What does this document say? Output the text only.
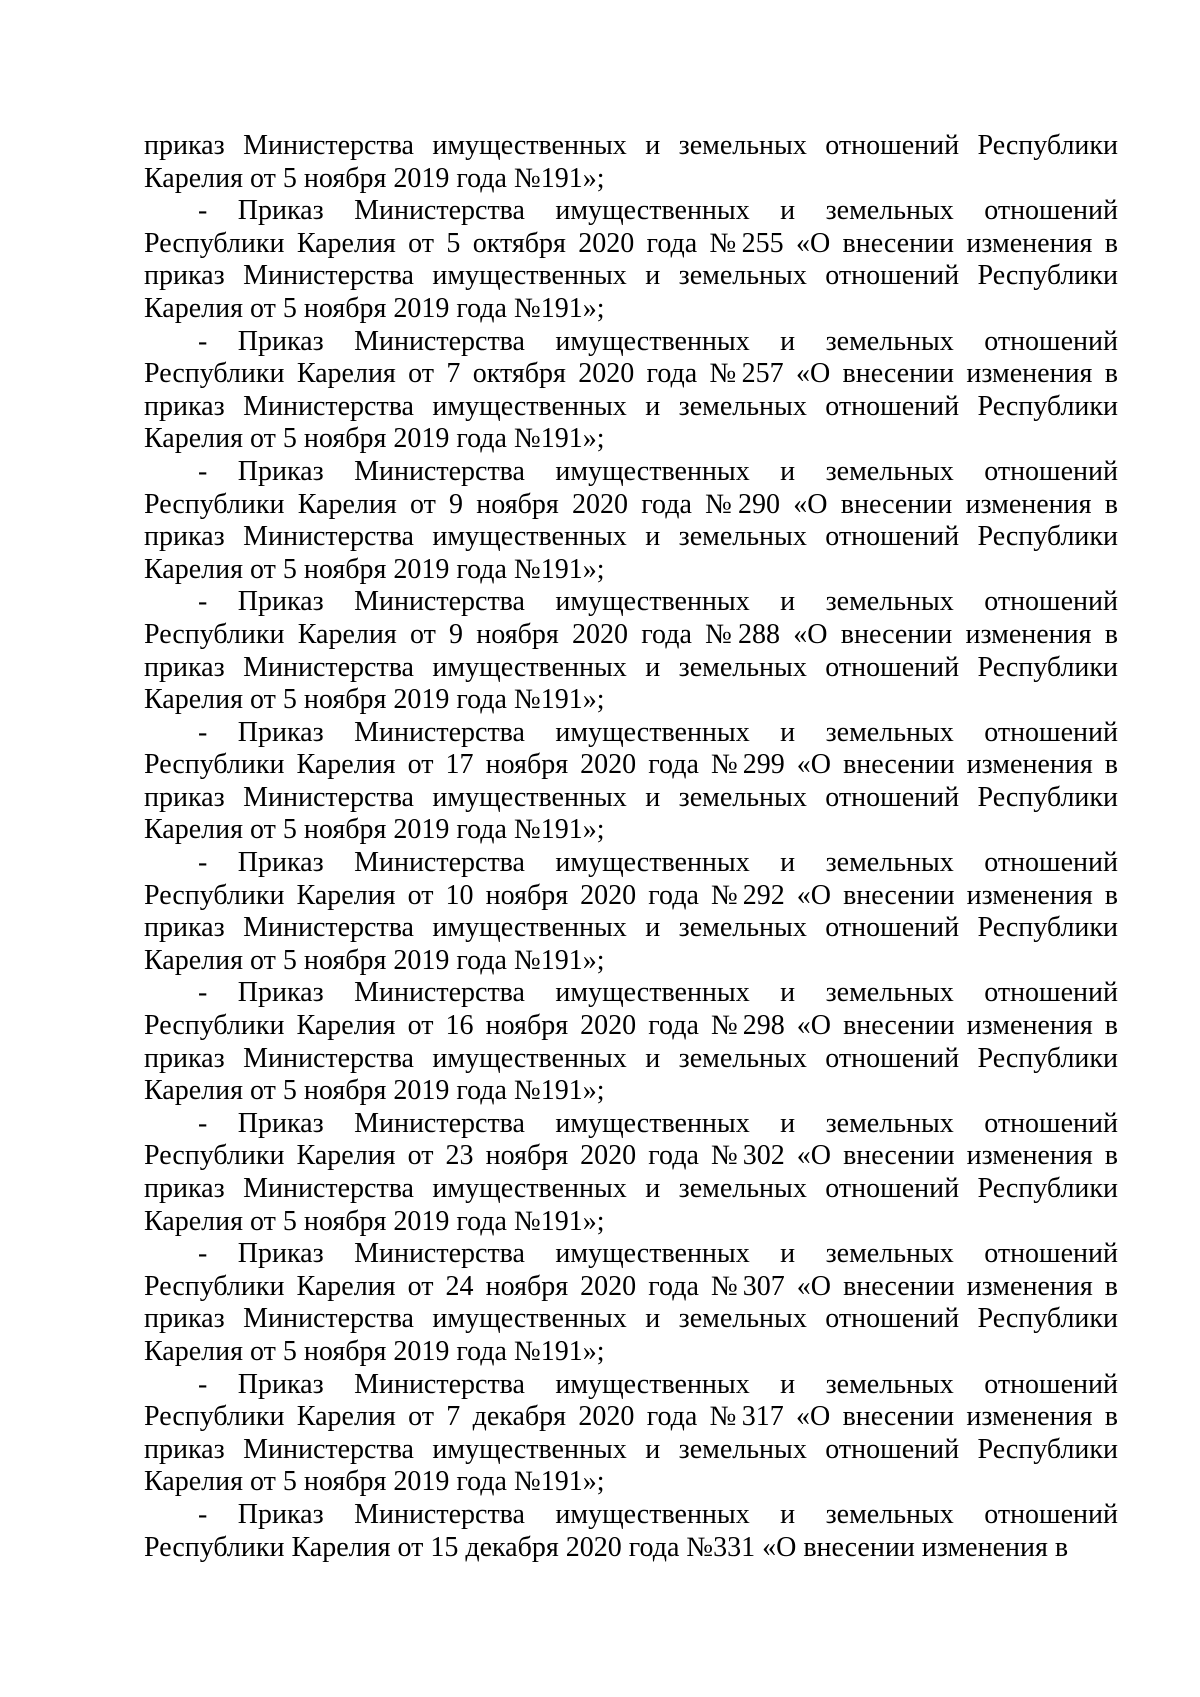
приказ Министерства имущественных и земельных отношений Республики Карелия от 5 ноября 2019 года №191»;

- Приказ Министерства имущественных и земельных отношений Республики Карелия от 5 октября 2020 года №255 «О внесении изменения в приказ Министерства имущественных и земельных отношений Республики Карелия от 5 ноября 2019 года №191»;

- Приказ Министерства имущественных и земельных отношений Республики Карелия от 7 октября 2020 года №257 «О внесении изменения в приказ Министерства имущественных и земельных отношений Республики Карелия от 5 ноября 2019 года №191»;

- Приказ Министерства имущественных и земельных отношений Республики Карелия от 9 ноября 2020 года №290 «О внесении изменения в приказ Министерства имущественных и земельных отношений Республики Карелия от 5 ноября 2019 года №191»;

- Приказ Министерства имущественных и земельных отношений Республики Карелия от 9 ноября 2020 года №288 «О внесении изменения в приказ Министерства имущественных и земельных отношений Республики Карелия от 5 ноября 2019 года №191»;

- Приказ Министерства имущественных и земельных отношений Республики Карелия от 17 ноября 2020 года №299 «О внесении изменения в приказ Министерства имущественных и земельных отношений Республики Карелия от 5 ноября 2019 года №191»;

- Приказ Министерства имущественных и земельных отношений Республики Карелия от 10 ноября 2020 года №292 «О внесении изменения в приказ Министерства имущественных и земельных отношений Республики Карелия от 5 ноября 2019 года №191»;

- Приказ Министерства имущественных и земельных отношений Республики Карелия от 16 ноября 2020 года №298 «О внесении изменения в приказ Министерства имущественных и земельных отношений Республики Карелия от 5 ноября 2019 года №191»;

- Приказ Министерства имущественных и земельных отношений Республики Карелия от 23 ноября 2020 года №302 «О внесении изменения в приказ Министерства имущественных и земельных отношений Республики Карелия от 5 ноября 2019 года №191»;

- Приказ Министерства имущественных и земельных отношений Республики Карелия от 24 ноября 2020 года №307 «О внесении изменения в приказ Министерства имущественных и земельных отношений Республики Карелия от 5 ноября 2019 года №191»;

- Приказ Министерства имущественных и земельных отношений Республики Карелия от 7 декабря 2020 года №317 «О внесении изменения в приказ Министерства имущественных и земельных отношений Республики Карелия от 5 ноября 2019 года №191»;

- Приказ Министерства имущественных и земельных отношений Республики Карелия от 15 декабря 2020 года №331 «О внесении изменения в
